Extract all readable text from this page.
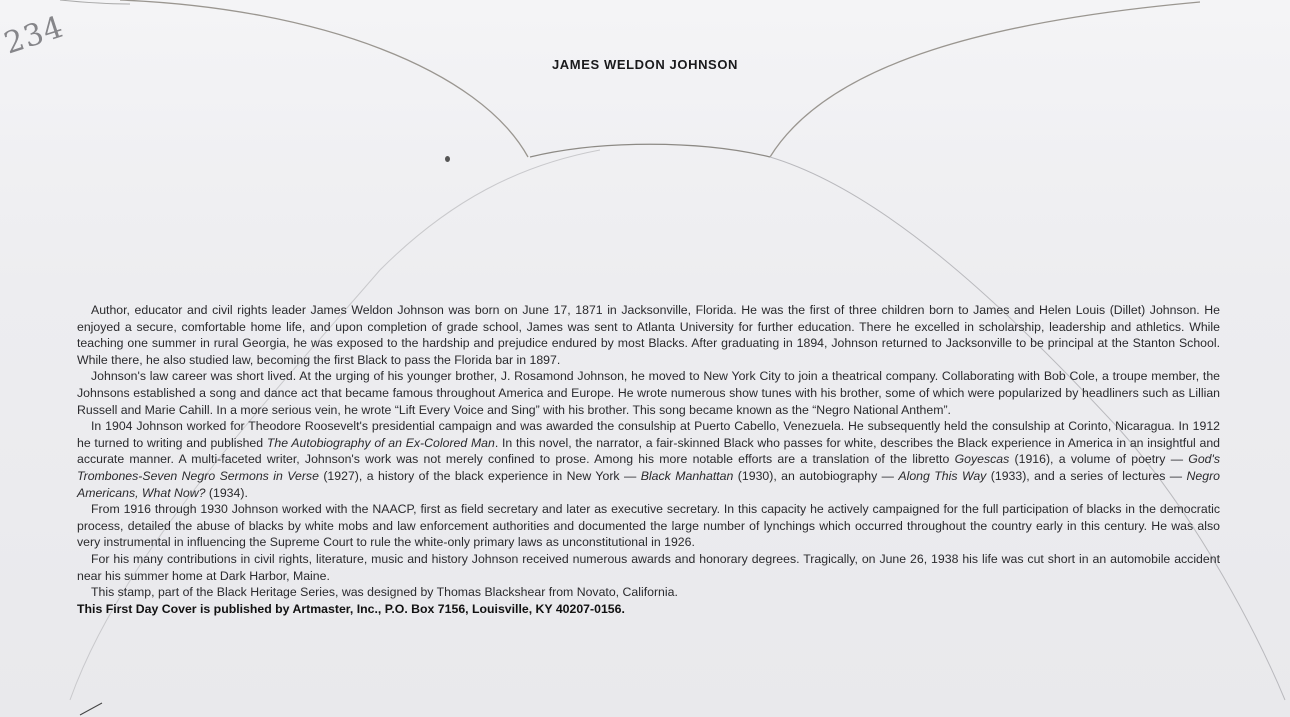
234
JAMES WELDON JOHNSON

Author, educator and civil rights leader James Weldon Johnson was born on June 17, 1871 in Jacksonville, Florida. He was the first of three children born to James and Helen Louis (Dillet) Johnson. He enjoyed a secure, comfortable home life, and upon completion of grade school, James was sent to Atlanta University for further education. There he excelled in scholarship, leadership and athletics. While teaching one summer in rural Georgia, he was exposed to the hardship and prejudice endured by most Blacks. After graduating in 1894, Johnson returned to Jacksonville to be principal at the Stanton School. While there, he also studied law, becoming the first Black to pass the Florida bar in 1897.

Johnson's law career was short lived. At the urging of his younger brother, J. Rosamond Johnson, he moved to New York City to join a theatrical company. Collaborating with Bob Cole, a troupe member, the Johnsons established a song and dance act that became famous throughout America and Europe. He wrote numerous show tunes with his brother, some of which were popularized by headliners such as Lillian Russell and Marie Cahill. In a more serious vein, he wrote “Lift Every Voice and Sing” with his brother. This song became known as the “Negro National Anthem”.

In 1904 Johnson worked for Theodore Roosevelt's presidential campaign and was awarded the consulship at Puerto Cabello, Venezuela. He subsequently held the consulship at Corinto, Nicaragua. In 1912 he turned to writing and published The Autobiography of an Ex-Colored Man. In this novel, the narrator, a fair-skinned Black who passes for white, describes the Black experience in America in an insightful and accurate manner. A multi-faceted writer, Johnson's work was not merely confined to prose. Among his more notable efforts are a translation of the libretto Goyescas (1916), a volume of poetry — God's Trombones-Seven Negro Sermons in Verse (1927), a history of the black experience in New York — Black Manhattan (1930), an autobiography — Along This Way (1933), and a series of lectures — Negro Americans, What Now? (1934).

From 1916 through 1930 Johnson worked with the NAACP, first as field secretary and later as executive secretary. In this capacity he actively campaigned for the full participation of blacks in the democratic process, detailed the abuse of blacks by white mobs and law enforcement authorities and documented the large number of lynchings which occurred throughout the country early in this century. He was also very instrumental in influencing the Supreme Court to rule the white-only primary laws as unconstitutional in 1926.

For his many contributions in civil rights, literature, music and history Johnson received numerous awards and honorary degrees. Tragically, on June 26, 1938 his life was cut short in an automobile accident near his summer home at Dark Harbor, Maine.

This stamp, part of the Black Heritage Series, was designed by Thomas Blackshear from Novato, California.

This First Day Cover is published by Artmaster, Inc., P.O. Box 7156, Louisville, KY 40207-0156.
